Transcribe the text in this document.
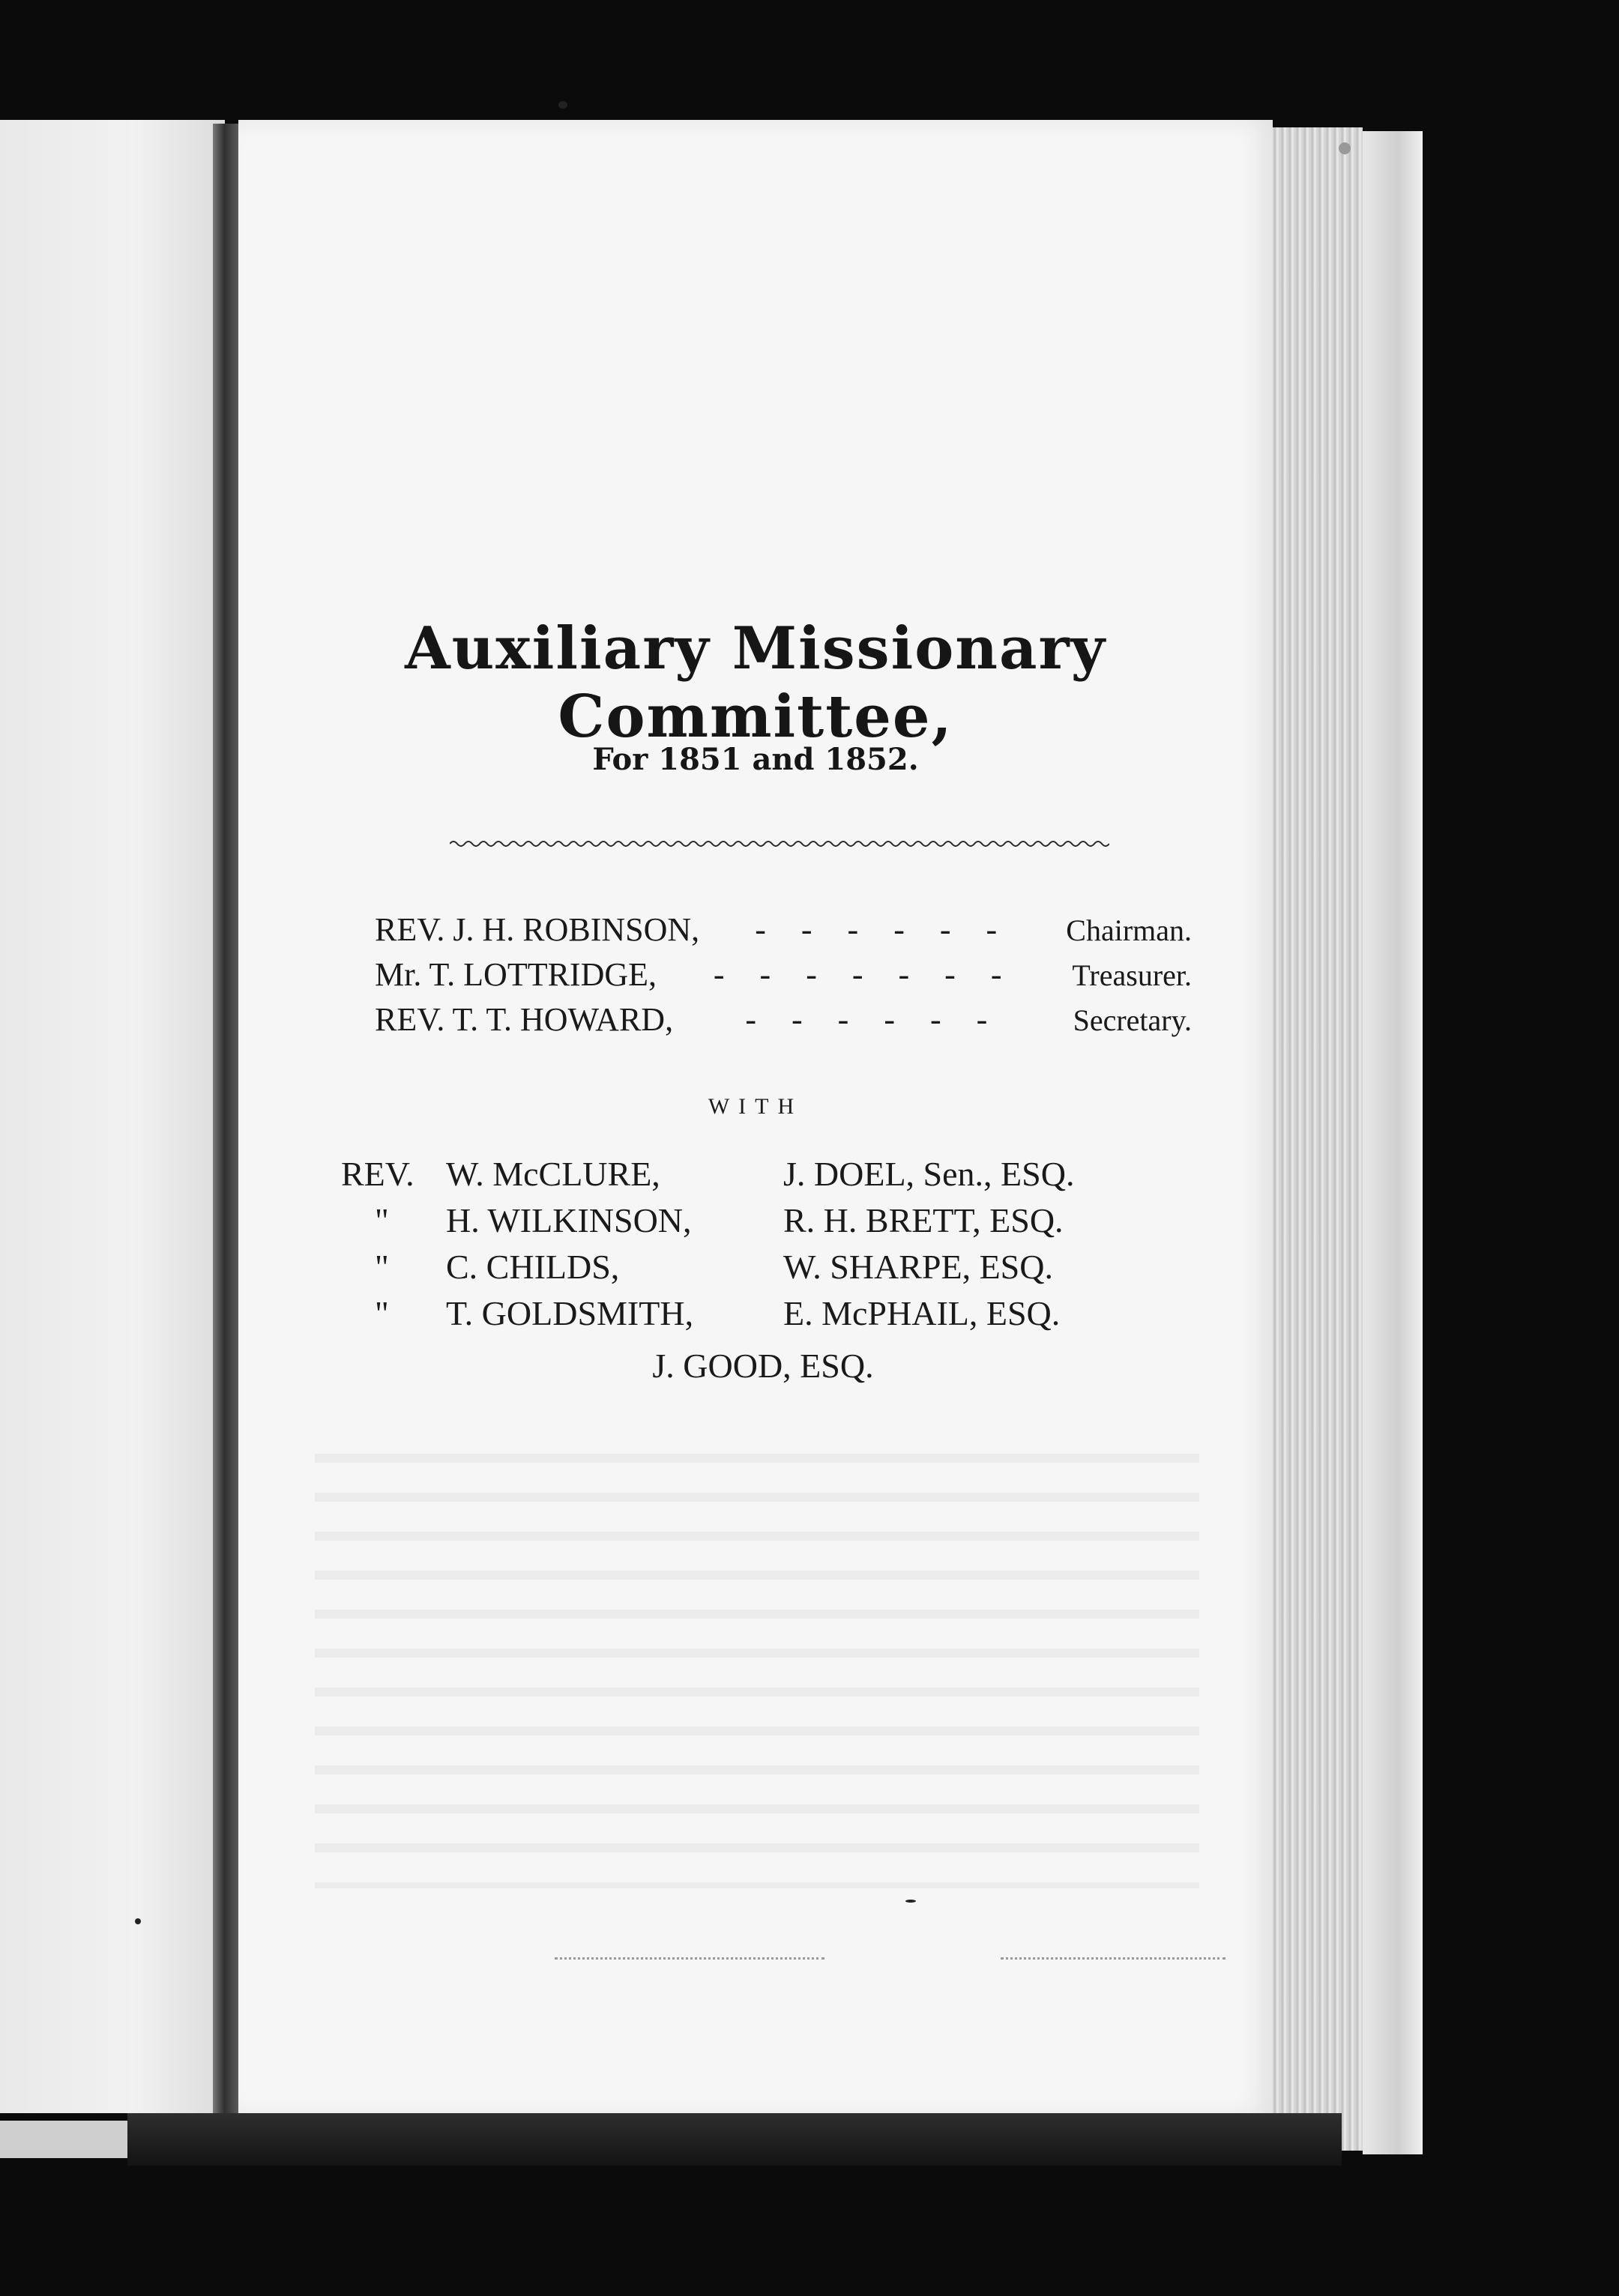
Auxiliary Missionary Committee,
For 1851 and 1852.
REV. J. H. ROBINSON,	- - - - - -	Chairman.
Mr. T. LOTTRIDGE,	- - - - - - -	Treasurer.
REV. T. T. HOWARD,	- - - - - -	Secretary.
WITH
REV. W. McCLURE,	J. DOEL, Sen., ESQ.
"	H. WILKINSON,	R. H. BRETT, ESQ.
"	C. CHILDS,	W. SHARPE, ESQ.
"	T. GOLDSMITH,	E. McPHAIL, ESQ.
J. GOOD, ESQ.
